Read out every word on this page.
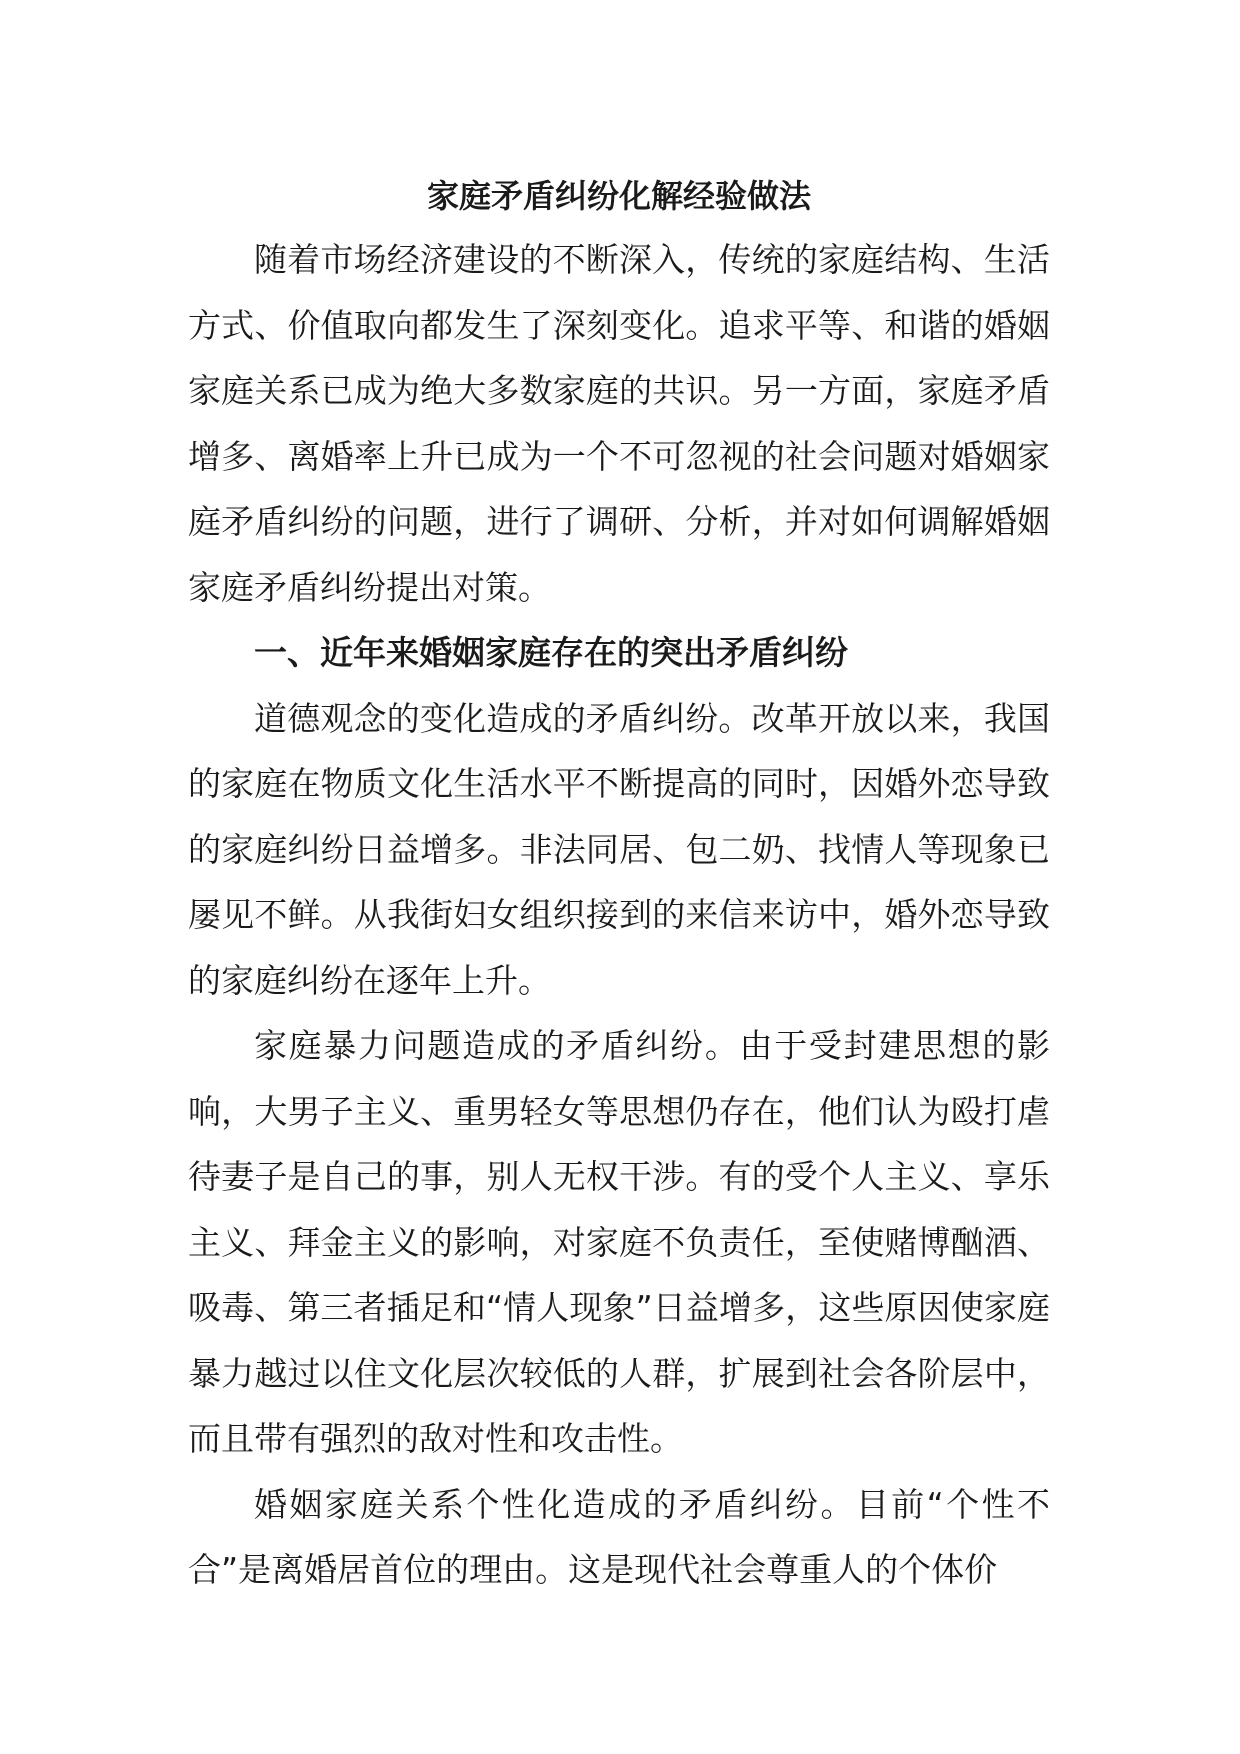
家庭矛盾纠纷化解经验做法

随着市场经济建设的不断深入，传统的家庭结构、生活方式、价值取向都发生了深刻变化。追求平等、和谐的婚姻家庭关系已成为绝大多数家庭的共识。另一方面，家庭矛盾增多、离婚率上升已成为一个不可忽视的社会问题对婚姻家庭矛盾纠纷的问题，进行了调研、分析，并对如何调解婚姻家庭矛盾纠纷提出对策。

一、近年来婚姻家庭存在的突出矛盾纠纷

道德观念的变化造成的矛盾纠纷。改革开放以来，我国的家庭在物质文化生活水平不断提高的同时，因婚外恋导致的家庭纠纷日益增多。非法同居、包二奶、找情人等现象已屡见不鲜。从我街妇女组织接到的来信来访中，婚外恋导致的家庭纠纷在逐年上升。

家庭暴力问题造成的矛盾纠纷。由于受封建思想的影响，大男子主义、重男轻女等思想仍存在，他们认为殴打虐待妻子是自己的事，别人无权干涉。有的受个人主义、享乐主义、拜金主义的影响，对家庭不负责任，至使赌博酗酒、吸毒、第三者插足和“情人现象”日益增多，这些原因使家庭暴力越过以住文化层次较低的人群，扩展到社会各阶层中，而且带有强烈的敌对性和攻击性。

婚姻家庭关系个性化造成的矛盾纠纷。目前“个性不合”是离婚居首位的理由。这是现代社会尊重人的个体价
